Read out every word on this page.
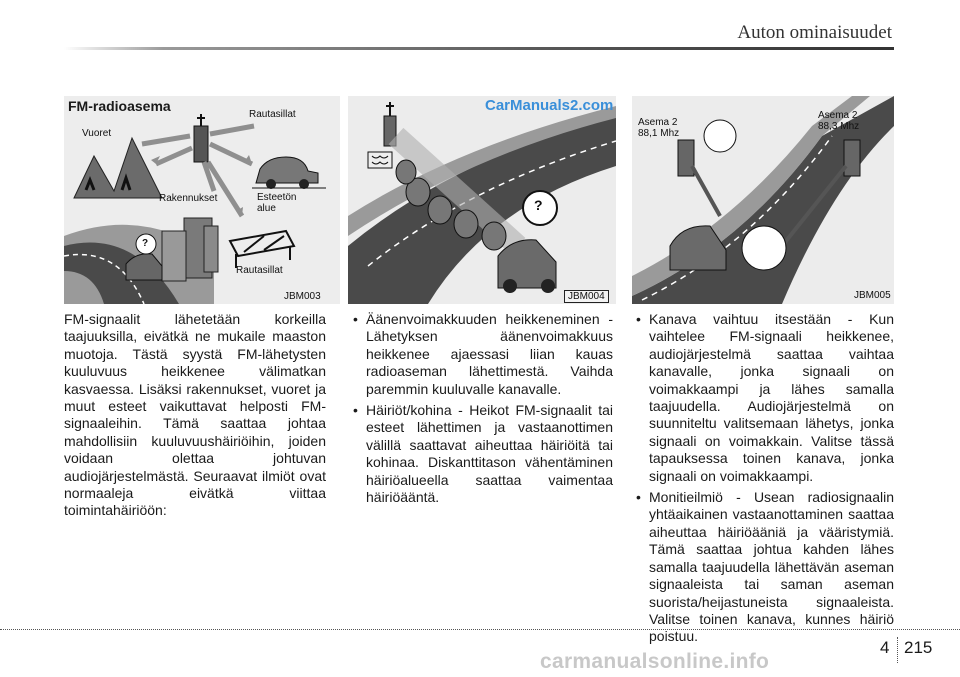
Auton ominaisuudet
FM-radioasema
Vuoret
Rautasillat
Rakennukset	Esteetön
alue
Rautasillat
?
JBM003
CarManuals2.com
?
JBM004
Asema 2
88,1 Mhz
Asema 2
88,3 Mhz
JBM005

FM-signaalit lähetetään korkeilla taajuuksilla, eivätkä ne mukaile maaston muotoja. Tästä syystä FM-lähetysten kuuluvuus heikkenee välimatkan kasvaessa. Lisäksi rakennukset, vuoret ja muut esteet vaikuttavat helposti FM-signaaleihin. Tämä saattaa johtaa mahdollisiin kuuluvuushäiriöihin, joiden voidaan olettaa johtuvan audiojärjestelmästä. Seuraavat ilmiöt ovat normaaleja eivätkä viittaa toimintahäiriöön:

• Äänenvoimakkuuden heikkeneminen - Lähetyksen äänenvoimakkuus heikkenee ajaessasi liian kauas radioaseman lähettimestä. Vaihda paremmin kuuluvalle kanavalle.
• Häiriöt/kohina - Heikot FM-signaalit tai esteet lähettimen ja vastaanottimen välillä saattavat aiheuttaa häiriöitä tai kohinaa. Diskanttitason vähentäminen häiriöalueella saattaa vaimentaa häiriöääntä.
• Kanava vaihtuu itsestään - Kun vaihtelee FM-signaali heikkenee, audiojärjestelmä saattaa vaihtaa kanavalle, jonka signaali on voimakkaampi ja lähes samalla taajuudella. Audiojärjestelmä on suunniteltu valitsemaan lähetys, jonka signaali on voimakkain. Valitse tässä tapauksessa toinen kanava, jonka signaali on voimakkaampi.
• Monitieilmiö - Usean radiosignaalin yhtäaikainen vastaanottaminen saattaa aiheuttaa häiriöääniä ja vääristymiä. Tämä saattaa johtua kahden lähes samalla taajuudella lähettävän aseman signaaleista tai saman aseman suorista/heijastuneista signaaleista. Valitse toinen kanava, kunnes häiriö poistuu.
4 215
carmanualsonline.info
